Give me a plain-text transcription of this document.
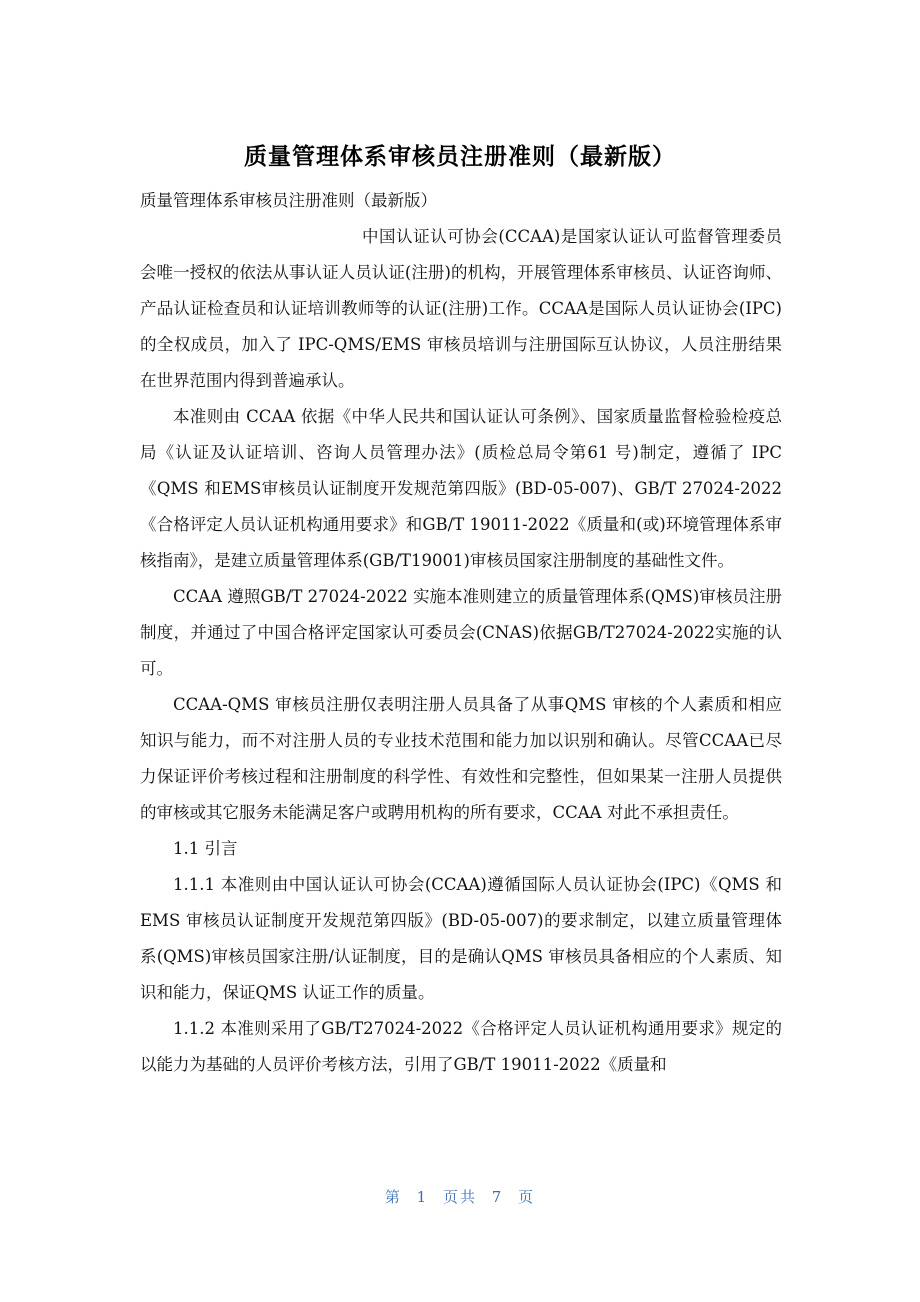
质量管理体系审核员注册准则（最新版）

质量管理体系审核员注册准则（最新版）

中国认证认可协会(CCAA)是国家认证认可监督管理委员会唯一授权的依法从事认证人员认证(注册)的机构，开展管理体系审核员、认证咨询师、产品认证检查员和认证培训教师等的认证(注册)工作。CCAA是国际人员认证协会(IPC)的全权成员，加入了 IPC-QMS/EMS 审核员培训与注册国际互认协议，人员注册结果在世界范围内得到普遍承认。

本准则由 CCAA 依据《中华人民共和国认证认可条例》、国家质量监督检验检疫总局《认证及认证培训、咨询人员管理办法》(质检总局令第61 号)制定，遵循了 IPC《QMS 和EMS审核员认证制度开发规范第四版》(BD-05-007)、GB/T 27024-2022《合格评定人员认证机构通用要求》和GB/T 19011-2022《质量和(或)环境管理体系审核指南》，是建立质量管理体系(GB/T19001)审核员国家注册制度的基础性文件。

CCAA 遵照GB/T 27024-2022 实施本准则建立的质量管理体系(QMS)审核员注册制度，并通过了中国合格评定国家认可委员会(CNAS)依据GB/T27024-2022实施的认可。

CCAA-QMS 审核员注册仅表明注册人员具备了从事QMS 审核的个人素质和相应知识与能力，而不对注册人员的专业技术范围和能力加以识别和确认。尽管CCAA已尽力保证评价考核过程和注册制度的科学性、有效性和完整性，但如果某一注册人员提供的审核或其它服务未能满足客户或聘用机构的所有要求，CCAA 对此不承担责任。

1.1 引言

1.1.1 本准则由中国认证认可协会(CCAA)遵循国际人员认证协会(IPC)《QMS 和EMS 审核员认证制度开发规范第四版》(BD-05-007)的要求制定，以建立质量管理体系(QMS)审核员国家注册/认证制度，目的是确认QMS 审核员具备相应的个人素质、知识和能力，保证QMS 认证工作的质量。

1.1.2 本准则采用了GB/T27024-2022《合格评定人员认证机构通用要求》规定的以能力为基础的人员评价考核方法，引用了GB/T 19011-2022《质量和

第 1 页共 7 页
